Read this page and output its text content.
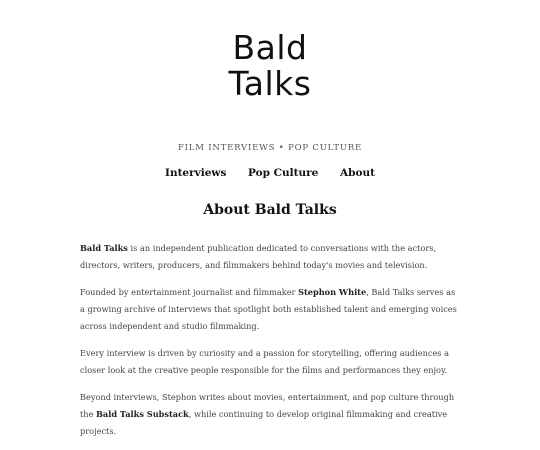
Bald
Talks
FILM INTERVIEWS • POP CULTURE
Interviews Pop Culture About
About Bald Talks

Bald Talks is an independent publication dedicated to conversations with the actors, directors, writers, producers, and filmmakers behind today's movies and television.

Founded by entertainment journalist and filmmaker Stephon White, Bald Talks serves as a growing archive of interviews that spotlight both established talent and emerging voices across independent and studio filmmaking.

Every interview is driven by curiosity and a passion for storytelling, offering audiences a closer look at the creative people responsible for the films and performances they enjoy.

Beyond interviews, Stephon writes about movies, entertainment, and pop culture through the Bald Talks Substack, while continuing to develop original filmmaking and creative projects.
